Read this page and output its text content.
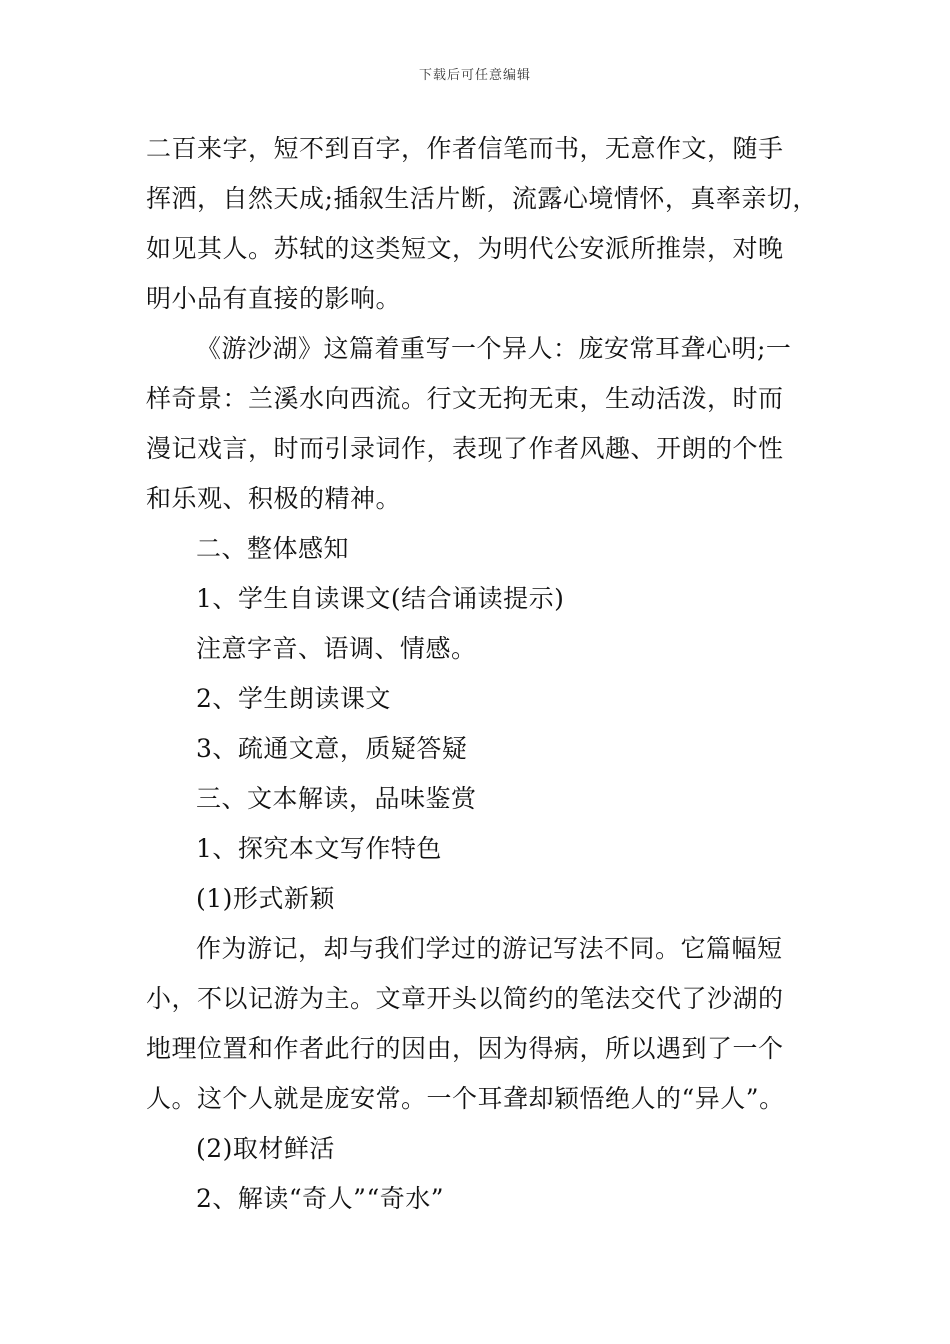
下载后可任意编辑
二百来字，短不到百字，作者信笔而书，无意作文，随手
挥洒，自然天成;插叙生活片断，流露心境情怀，真率亲切，
如见其人。苏轼的这类短文，为明代公安派所推崇，对晚
明小品有直接的影响。
《游沙湖》这篇着重写一个异人：庞安常耳聋心明;一
样奇景：兰溪水向西流。行文无拘无束，生动活泼，时而
漫记戏言，时而引录词作，表现了作者风趣、开朗的个性
和乐观、积极的精神。
二、整体感知
1、学生自读课文(结合诵读提示)
注意字音、语调、情感。
2、学生朗读课文
3、疏通文意，质疑答疑
三、文本解读，品味鉴赏
1、探究本文写作特色
(1)形式新颖
作为游记，却与我们学过的游记写法不同。它篇幅短
小，不以记游为主。文章开头以简约的笔法交代了沙湖的
地理位置和作者此行的因由，因为得病，所以遇到了一个
人。这个人就是庞安常。一个耳聋却颖悟绝人的“异人”。
(2)取材鲜活
2、解读“奇人”“奇水”
